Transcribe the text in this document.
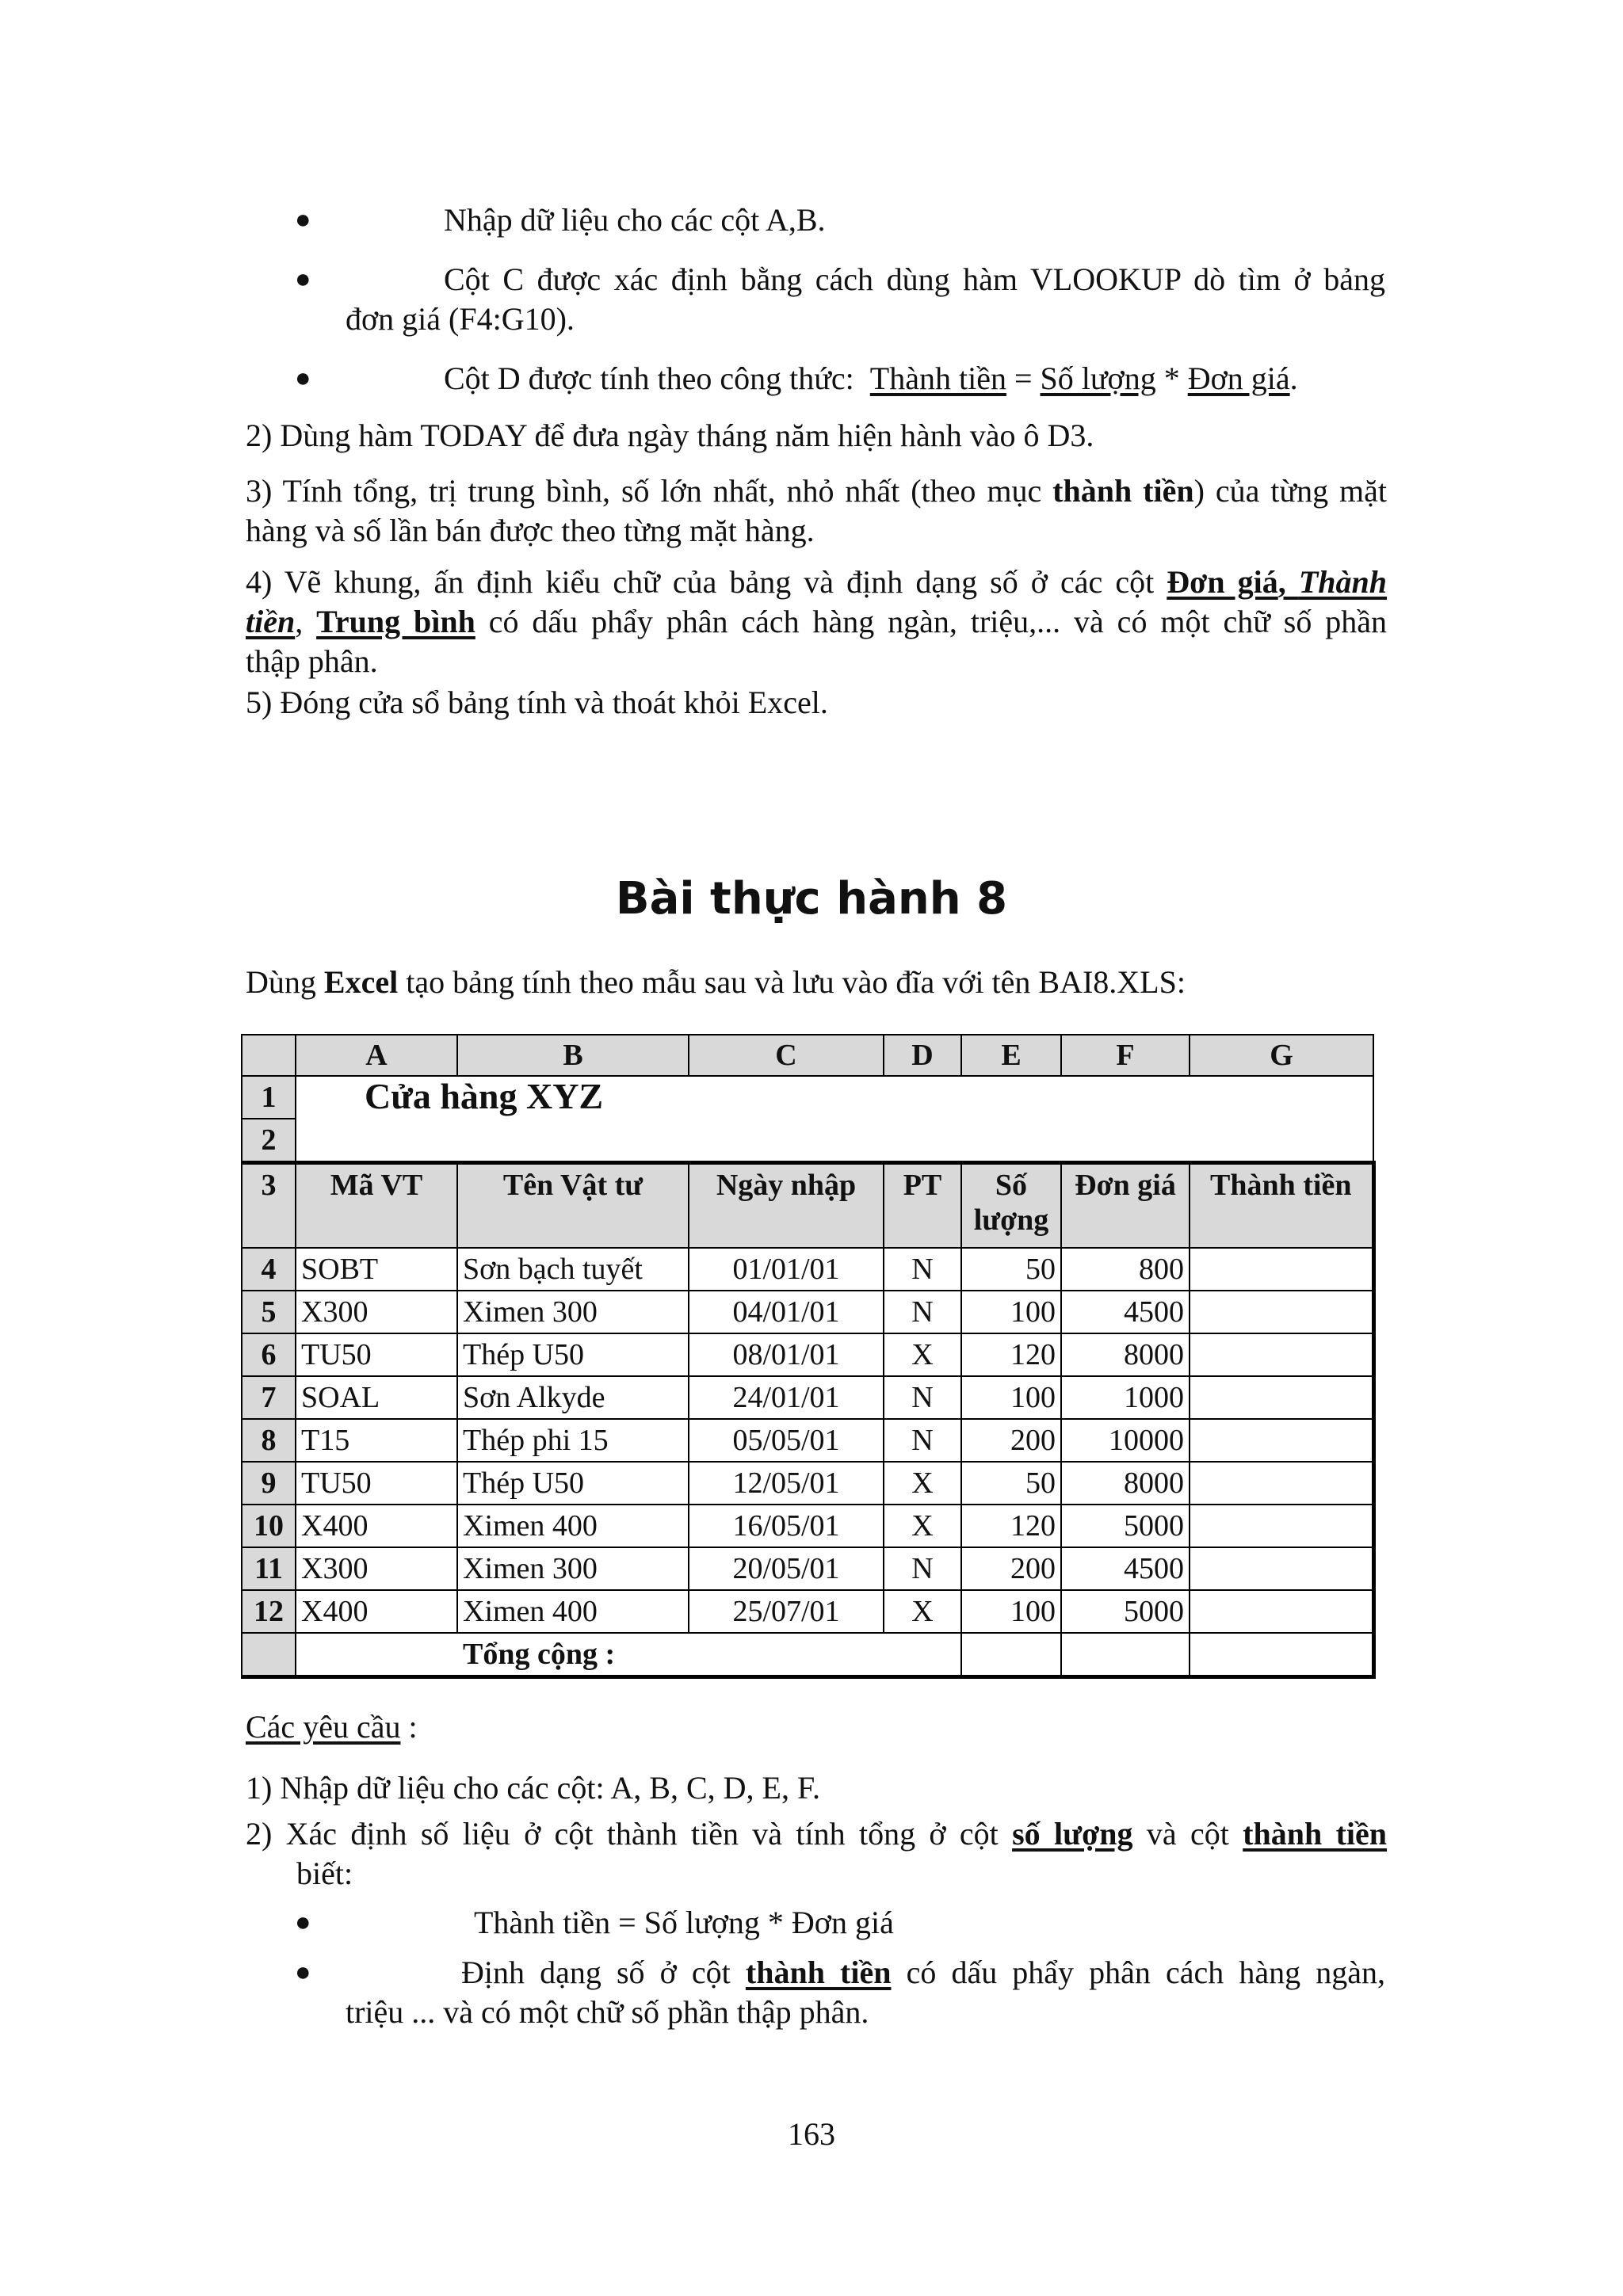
●	Nhập dữ liệu cho các cột A,B.

●	Cột C được xác định bằng cách dùng hàm VLOOKUP dò tìm ở bảng

đơn giá (F4:G10).

●	Cột D được tính theo công thức: Thành tiền = Số lượng * Đơn giá.

2) Dùng hàm TODAY để đưa ngày tháng năm hiện hành vào ô D3.

3) Tính tổng, trị trung bình, số lớn nhất, nhỏ nhất (theo mục thành tiền) của từng mặt

hàng và số lần bán được theo từng mặt hàng.

4) Vẽ khung, ấn định kiểu chữ của bảng và định dạng số ở các cột Đơn giá, Thành

tiền, Trung bình có dấu phẩy phân cách hàng ngàn, triệu,... và có một chữ số phần

thập phân.

5) Đóng cửa sổ bảng tính và thoát khỏi Excel.

Bài thực hành 8

Dùng Excel tạo bảng tính theo mẫu sau và lưu vào đĩa với tên BAI8.XLS:

	A	B	C	D	E	F	G
1	Cửa hàng XYZ						
2							
3	Mã VT	Tên Vật tư	Ngày nhập	PT	Số
lượng	Đơn giá	Thành tiền
4	SOBT	Sơn bạch tuyết	01/01/01	N	50	800	
5	X300	Ximen 300	04/01/01	N	100	4500	
6	TU50	Thép U50	08/01/01	X	120	8000	
7	SOAL	Sơn Alkyde	24/01/01	N	100	1000	
8	T15	Thép phi 15	05/05/01	N	200	10000	
9	TU50	Thép U50	12/05/01	X	50	8000	
10	X400	Ximen 400	16/05/01	X	120	5000	
11	X300	Ximen 300	20/05/01	N	200	4500	
12	X400	Ximen 400	25/07/01	X	100	5000	
	Tổng cộng :						
163

Các yêu cầu :

1) Nhập dữ liệu cho các cột: A, B, C, D, E, F.

2) Xác định số liệu ở cột thành tiền và tính tổng ở cột số lượng và cột thành tiền

biết:

●	Thành tiền = Số lượng * Đơn giá

●	Định dạng số ở cột thành tiền có dấu phẩy phân cách hàng ngàn,

triệu ... và có một chữ số phần thập phân.
